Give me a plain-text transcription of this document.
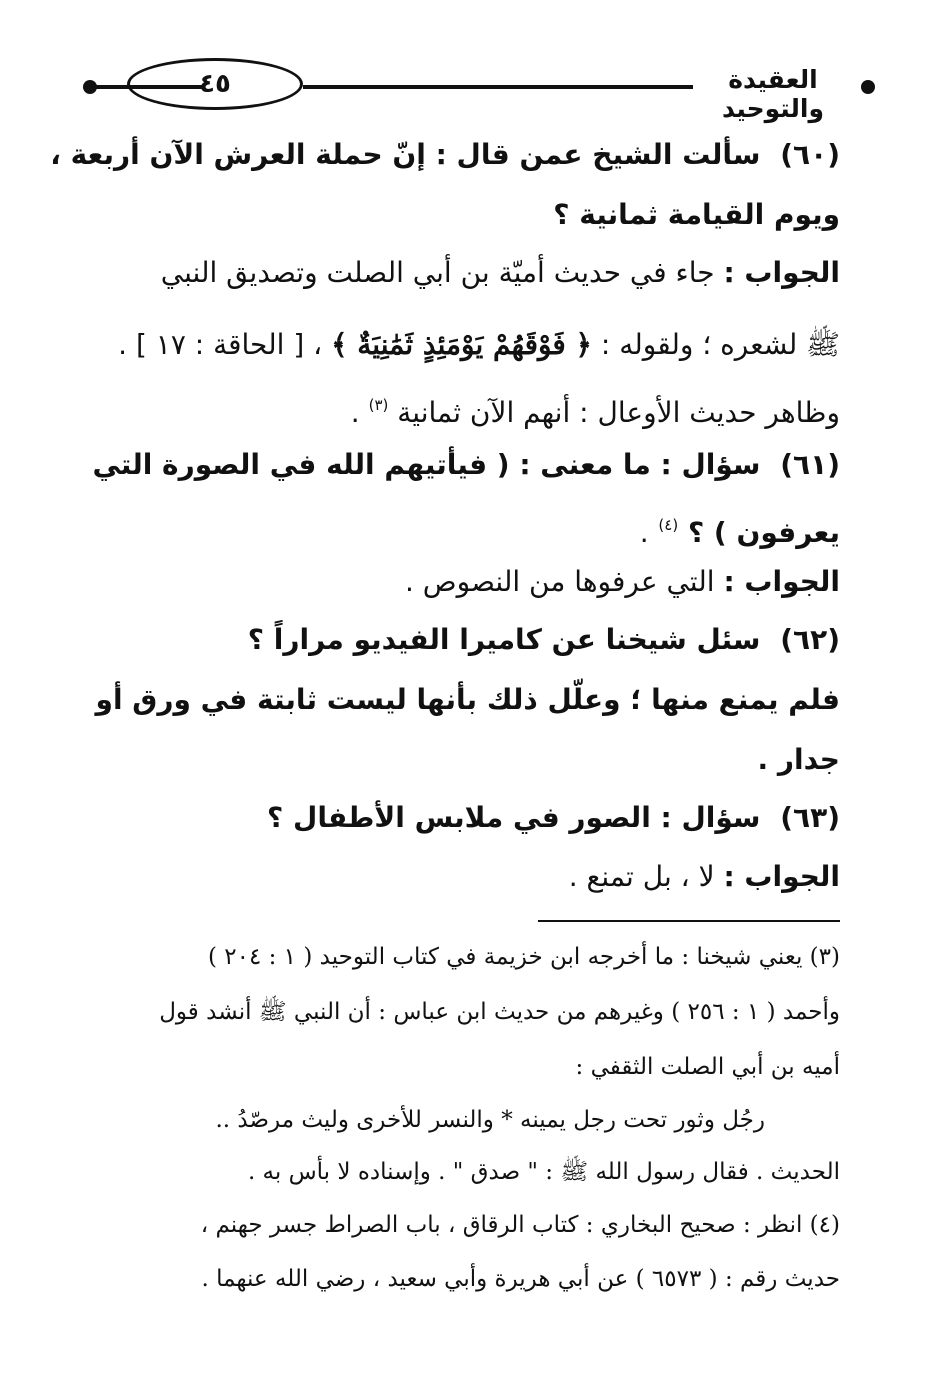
٤٥	العقيدة والتوحيد
(٦٠) سألت الشيخ عمن قال : إنّ حملة العرش الآن أربعة ،
ويوم القيامة ثمانية ؟
الجواب : جاء في حديث أميّة بن أبي الصلت وتصديق النبي
ﷺ لشعره ؛ ولقوله : ﴿ فَوْقَهُمْ يَوْمَئِذٍ ثَمَٰنِيَةٌ ﴾ ، [ الحاقة : ١٧ ] .
وظاهر حديث الأوعال : أنهم الآن ثمانية $^{(٣)}$ .
(٦١) سؤال : ما معنى : ( فيأتيهم الله في الصورة التي
يعرفون ) ؟ $^{(٤)}$ .
الجواب : التي عرفوها من النصوص .
(٦٢) سئل شيخنا عن كاميرا الفيديو مراراً ؟
فلم يمنع منها ؛ وعلّل ذلك بأنها ليست ثابتة في ورق أو
جدار .
(٦٣) سؤال : الصور في ملابس الأطفال ؟
الجواب : لا ، بل تمنع .
(٣) يعني شيخنا : ما أخرجه ابن خزيمة في كتاب التوحيد ( ١ : ٢٠٤ )
وأحمد ( ١ : ٢٥٦ ) وغيرهم من حديث ابن عباس : أن النبي ﷺ أنشد قول
أميه بن أبي الصلت الثقفي :
رجُل وثور تحت رجل يمينه * والنسر للأخرى وليث مرصّدُ ..
الحديث . فقال رسول الله ﷺ : " صدق " . وإسناده لا بأس به .
(٤) انظر : صحيح البخاري : كتاب الرقاق ، باب الصراط جسر جهنم ،
حديث رقم : ( ٦٥٧٣ ) عن أبي هريرة وأبي سعيد ، رضي الله عنهما .
